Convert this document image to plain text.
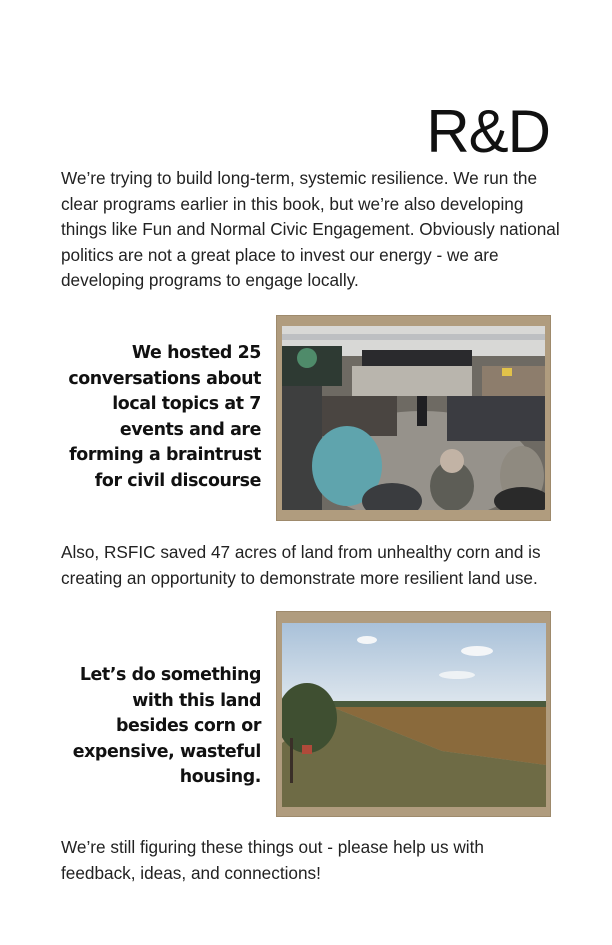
R&D

We’re trying to build long-term, systemic resilience. We run the clear programs earlier in this book, but we’re also developing things like Fun and Normal Civic Engagement. Obviously national politics are not a great place to invest our energy - we are developing programs to engage locally.

We hosted 25 conversations about local topics at 7 events and are forming a braintrust for civil discourse

Also, RSFIC saved 47 acres of land from unhealthy corn and is creating an opportunity to demonstrate more resilient land use.

Let’s do something with this land besides corn or expensive, wasteful housing.

We’re still figuring these things out - please help us with feedback, ideas, and connections!
